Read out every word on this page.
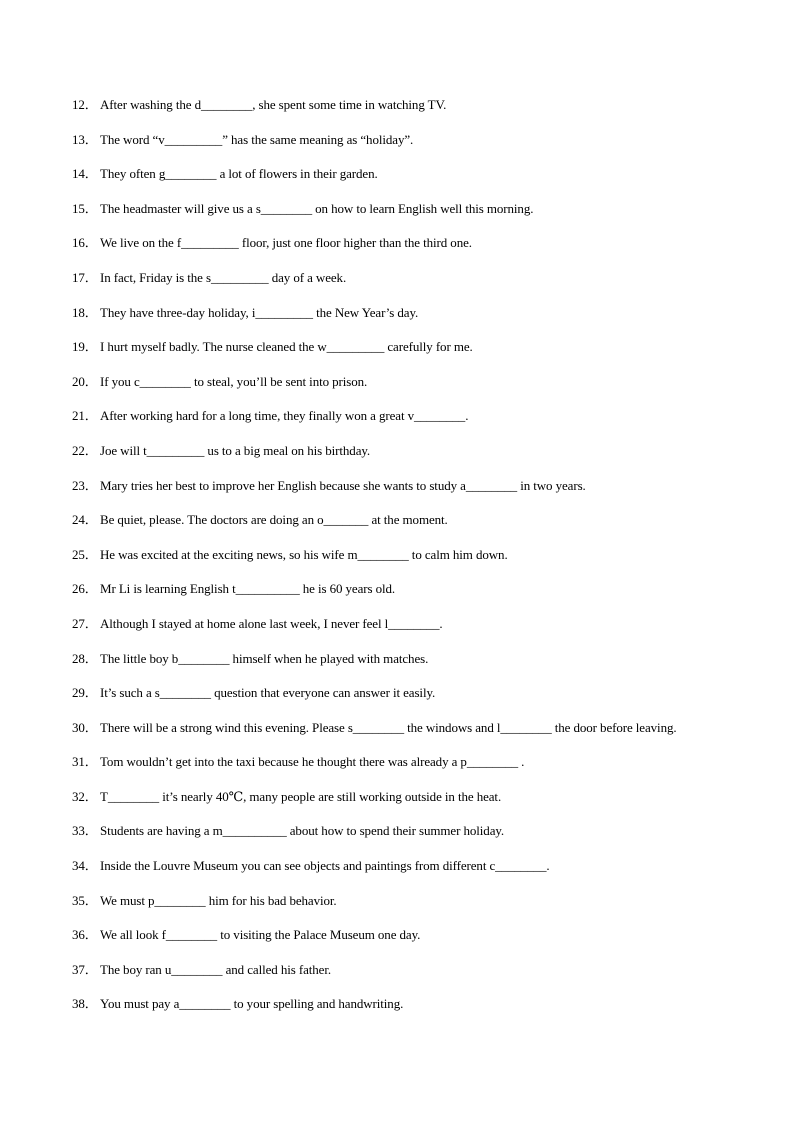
12． After washing the d________, she spent some time in watching TV.
13． The word “v_________” has the same meaning as “holiday”.
14． They often g________ a lot of flowers in their garden.
15． The headmaster will give us a s________ on how to learn English well this morning.
16． We live on the f_________ floor, just one floor higher than the third one.
17． In fact, Friday is the s_________ day of a week.
18． They have three-day holiday, i_________ the New Year’s day.
19． I hurt myself badly. The nurse cleaned the w_________ carefully for me.
20． If you c________ to steal, you’ll be sent into prison.
21． After working hard for a long time, they finally won a great v________.
22． Joe will t_________ us to a big meal on his birthday.
23． Mary tries her best to improve her English because she wants to study a________ in two years.
24． Be quiet, please. The doctors are doing an o_______ at the moment.
25． He was excited at the exciting news, so his wife m________ to calm him down.
26． Mr Li is learning English t__________ he is 60 years old.
27． Although I stayed at home alone last week, I never feel l________.
28． The little boy b________ himself when he played with matches.
29． It’s such a s________ question that everyone can answer it easily.
30． There will be a strong wind this evening. Please s________ the windows and l________ the door before leaving.
31． Tom wouldn’t get into the taxi because he thought there was already a p________ .
32． T________ it’s nearly 40℃, many people are still working outside in the heat.
33． Students are having a m__________ about how to spend their summer holiday.
34． Inside the Louvre Museum you can see objects and paintings from different c________.
35． We must p________ him for his bad behavior.
36． We all look f________ to visiting the Palace Museum one day.
37． The boy ran u________ and called his father.
38． You must pay a________ to your spelling and handwriting.
